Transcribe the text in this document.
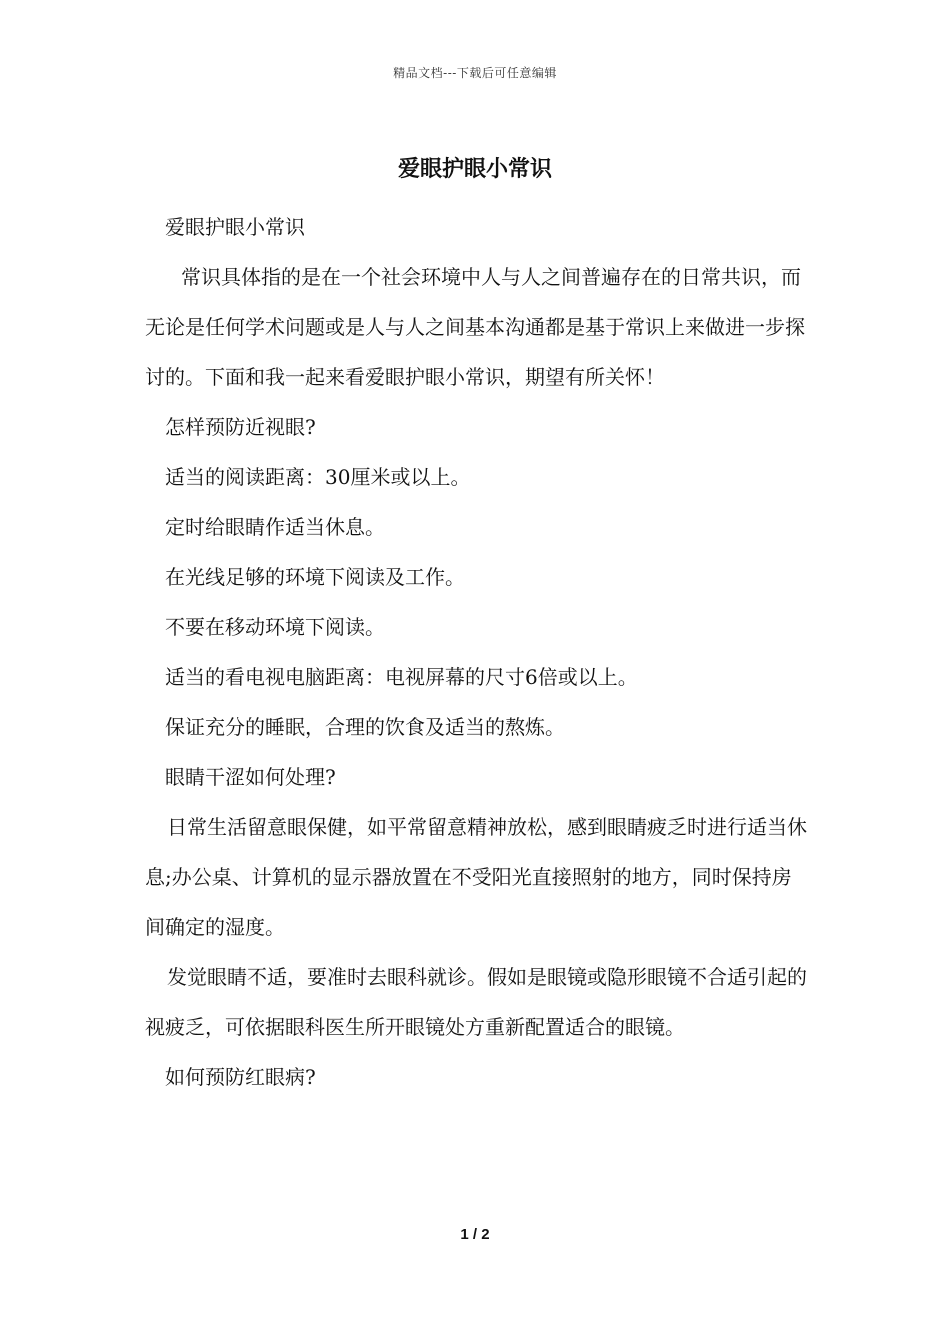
精品文档---下载后可任意编辑
爱眼护眼小常识

爱眼护眼小常识

常识具体指的是在一个社会环境中人与人之间普遍存在的日常共识，而无论是任何学术问题或是人与人之间基本沟通都是基于常识上来做进一步探讨的。下面和我一起来看爱眼护眼小常识，期望有所关怀！

怎样预防近视眼?

适当的阅读距离：30厘米或以上。

定时给眼睛作适当休息。

在光线足够的环境下阅读及工作。

不要在移动环境下阅读。

适当的看电视电脑距离：电视屏幕的尺寸6倍或以上。

保证充分的睡眠，合理的饮食及适当的熬炼。

眼睛干涩如何处理?

日常生活留意眼保健，如平常留意精神放松，感到眼睛疲乏时进行适当休息;办公桌、计算机的显示器放置在不受阳光直接照射的地方，同时保持房间确定的湿度。

发觉眼睛不适，要准时去眼科就诊。假如是眼镜或隐形眼镜不合适引起的视疲乏，可依据眼科医生所开眼镜处方重新配置适合的眼镜。

如何预防红眼病?

1 / 2
